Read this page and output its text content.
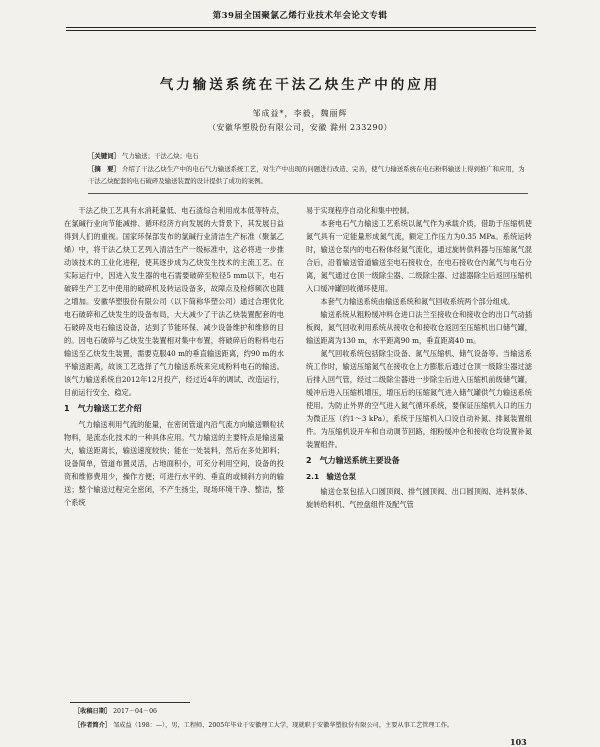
第39届全国聚氯乙烯行业技术年会论文专辑
气力输送系统在干法乙炔生产中的应用
邹成益*，李毅，魏丽辉
（安徽华塑股份有限公司，安徽 滁州 233290）
［关键词］ 气力输送；干法乙炔；电石
［摘　要］ 介绍了干法乙炔生产中的电石气力输送系统工艺，对生产中出现的问题进行改造、完善，使气力输送系统在电石粉料输送上得到推广和应用，为干法乙炔配套的电石破碎及输送装置的设计提供了成功的案例。

干法乙炔工艺具有水消耗量低、电石渣综合利用成本低等特点，在氯碱行业向节能减排、循环经济方向发展的大背景下，其发展日益得到人们的重视。国家环保部发布的氯碱行业清洁生产标准（聚氯乙烯）中，将干法乙炔工艺列入清洁生产一级标准中，这必将进一步推动该技术的工业化进程，使其逐步成为乙炔发生技术的主流工艺。在实际运行中，因进入发生器的电石需要破碎至粒径5 mm以下，电石破碎生产工艺中使用的破碎机及转运设备多，故障点及检修频次也随之增加。安徽华塑股份有限公司（以下简称华塑公司）通过合理优化电石破碎和乙炔发生的设备布局，大大减少了干法乙炔装置配套的电石破碎及电石输送设备，达到了节能环保、减少设备维护和维修的目的。因电石破碎与乙炔发生装置相对集中布置，将破碎后的粉料电石输送至乙炔发生装置，需要克服40 m的垂直输送距离，约90 m的水平输送距离，故该工艺选择了气力输送系统来完成粉料电石的输送。该气力输送系统自2012年12月投产，经过近4年的调试、改造运行，目前运行安全、稳定。

1　气力输送工艺介绍

气力输送利用气流的能量，在密闭管道内沿气流方向输送颗粒状物料，是流态化技术的一种具体应用。气力输送的主要特点是输送量大，输送距离长，输送速度较快；能在一处装料，然后在多处卸料；设备简单，管道布置灵活，占地面积小，可充分利用空间，设备的投资和维修费用少，操作方便；可进行水平的、垂直的或倾斜方向的输送；整个输送过程完全密闭，不产生扬尘，现场环境干净、整洁，整个系统

易于实现程序自动化和集中控制。

本套电石气力输送工艺系统以氮气作为承载介质，借助于压缩机使氮气具有一定能量形成氮气流，额定工作压力为0.35 MPa。系统运转时，输送仓泵内的电石粉体经氮气流化，通过旋转供料器与压缩氮气混合后，沿着输送管道输送至电石接收仓，在电石接收仓内氮气与电石分离，氮气通过仓顶一级除尘器、二级除尘器、过滤器除尘后返回压缩机入口缓冲罐回收循环使用。

本套气力输送系统由输送系统和氮气回收系统两个部分组成。

输送系统从粗粉缓冲料仓进口法兰至接收仓和接收仓的出口气动插板阀，氮气回收利用系统从接收仓和接收仓返回至压缩机出口储气罐，输送距离为130 m，水平距离90 m，垂直距离40 m。

氮气回收系统包括除尘设备、氮气压缩机、储气设备等。当输送系统工作时，输送压缩氮气在接收仓上方膨胀后通过仓顶一级除尘器过滤后排入回气管，经过二级除尘器进一步除尘后进入压缩机前级储气罐，缓冲后进入压缩机增压，增压后的压缩氮气进入储气罐供气力输送系统使用。为防止外界的空气进入氮气循环系统，要保证压缩机入口的压力为微正压（约1～3 kPa），系统于压缩机入口设自动补氮、排氮装置组件。为压缩机设开车和自动调节回路，细粉缓冲仓和接收仓均设置补氮装置组件。

2　气力输送系统主要设备
2.1　输送仓泵

输送仓泵包括入口圆顶阀、排气圆顶阀、出口圆顶阀、进料泵体、旋转给料机、气控盘组件及配气管

［收稿日期］ 2017－04－06
［作者简介］ 邹成益（198：—），男，工程师，2005年毕业于安徽理工大学，现就职于安徽华塑股份有限公司，主要从事工艺管理工作。
103
